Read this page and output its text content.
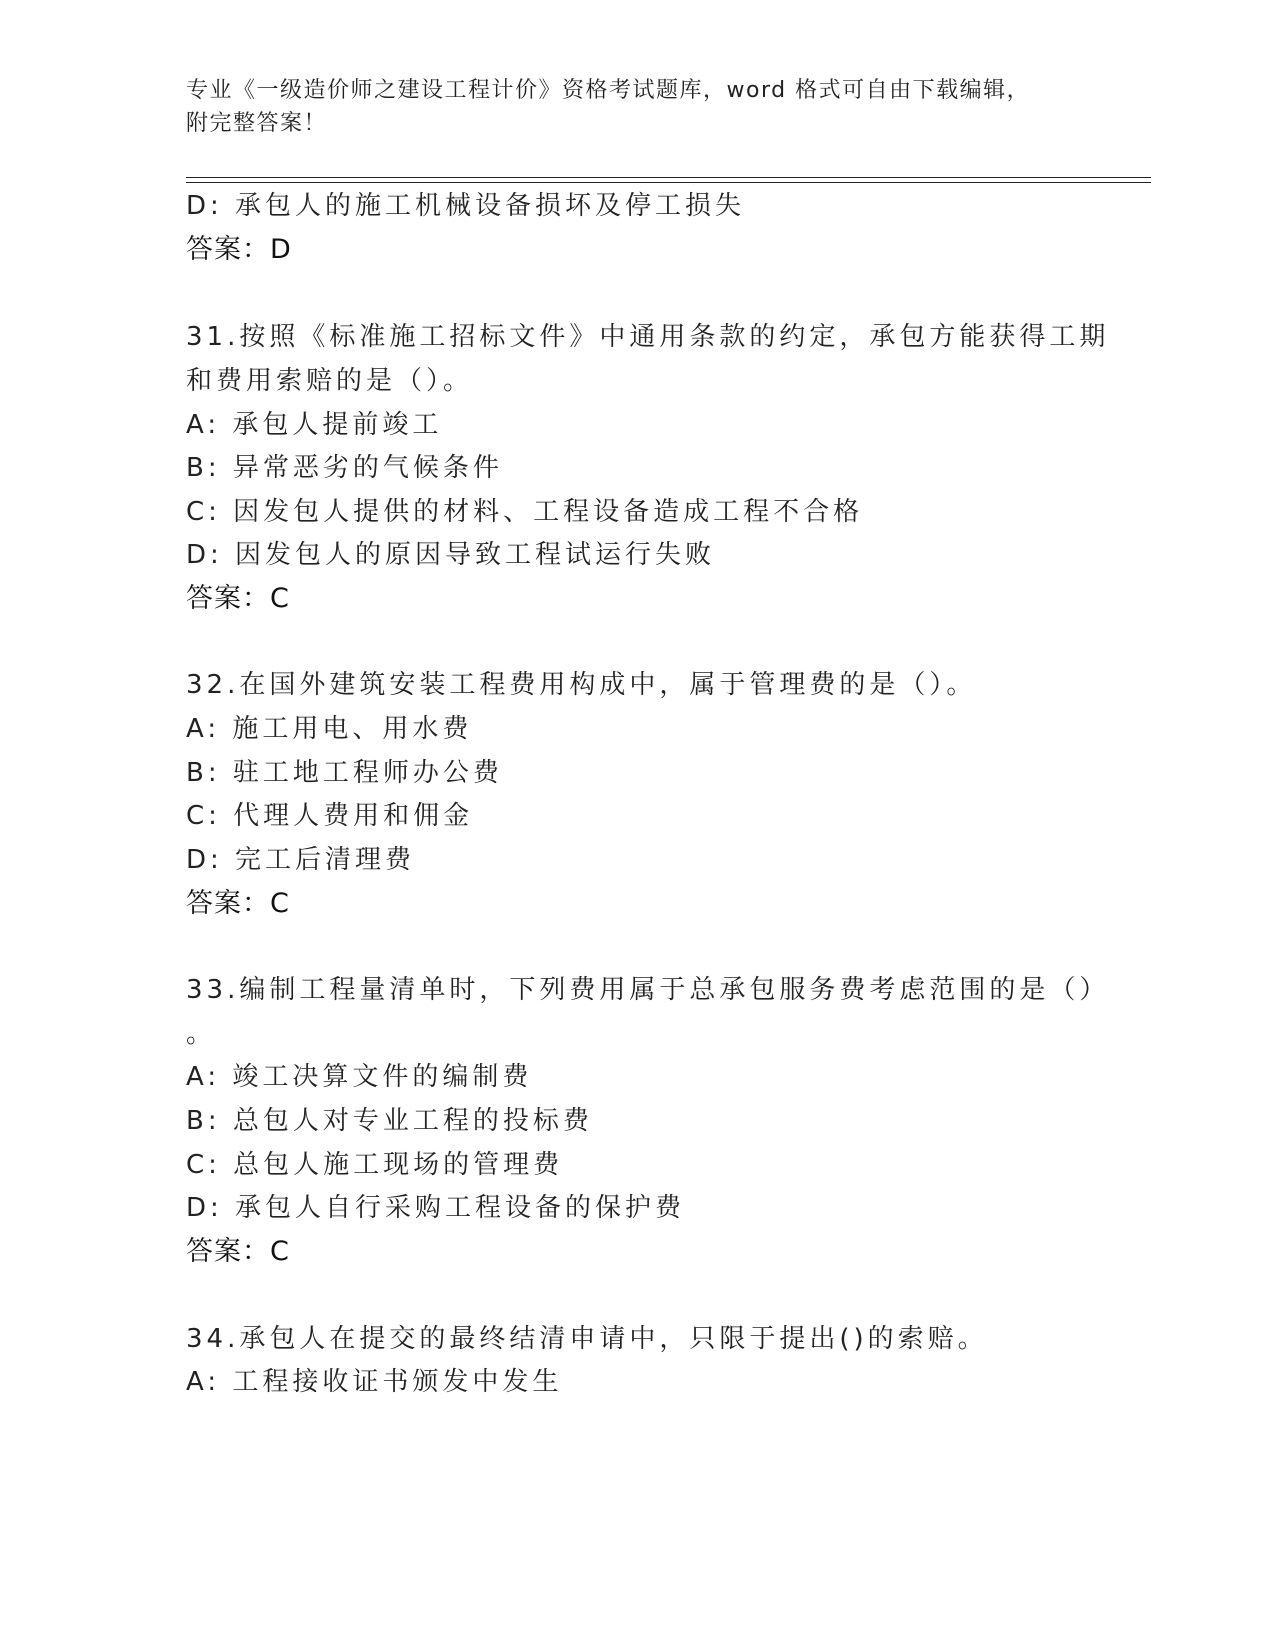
专业《一级造价师之建设工程计价》资格考试题库，word 格式可自由下载编辑，
附完整答案！
D: 承包人的施工机械设备损坏及停工损失
答案：D
31.按照《标准施工招标文件》中通用条款的约定，承包方能获得工期
和费用索赔的是（）。
A: 承包人提前竣工
B: 异常恶劣的气候条件
C: 因发包人提供的材料、工程设备造成工程不合格
D: 因发包人的原因导致工程试运行失败
答案：C
32.在国外建筑安装工程费用构成中，属于管理费的是（）。
A: 施工用电、用水费
B: 驻工地工程师办公费
C: 代理人费用和佣金
D: 完工后清理费
答案：C
33.编制工程量清单时，下列费用属于总承包服务费考虑范围的是（）
。
A: 竣工决算文件的编制费
B: 总包人对专业工程的投标费
C: 总包人施工现场的管理费
D: 承包人自行采购工程设备的保护费
答案：C
34.承包人在提交的最终结清申请中，只限于提出()的索赔。
A: 工程接收证书颁发中发生
